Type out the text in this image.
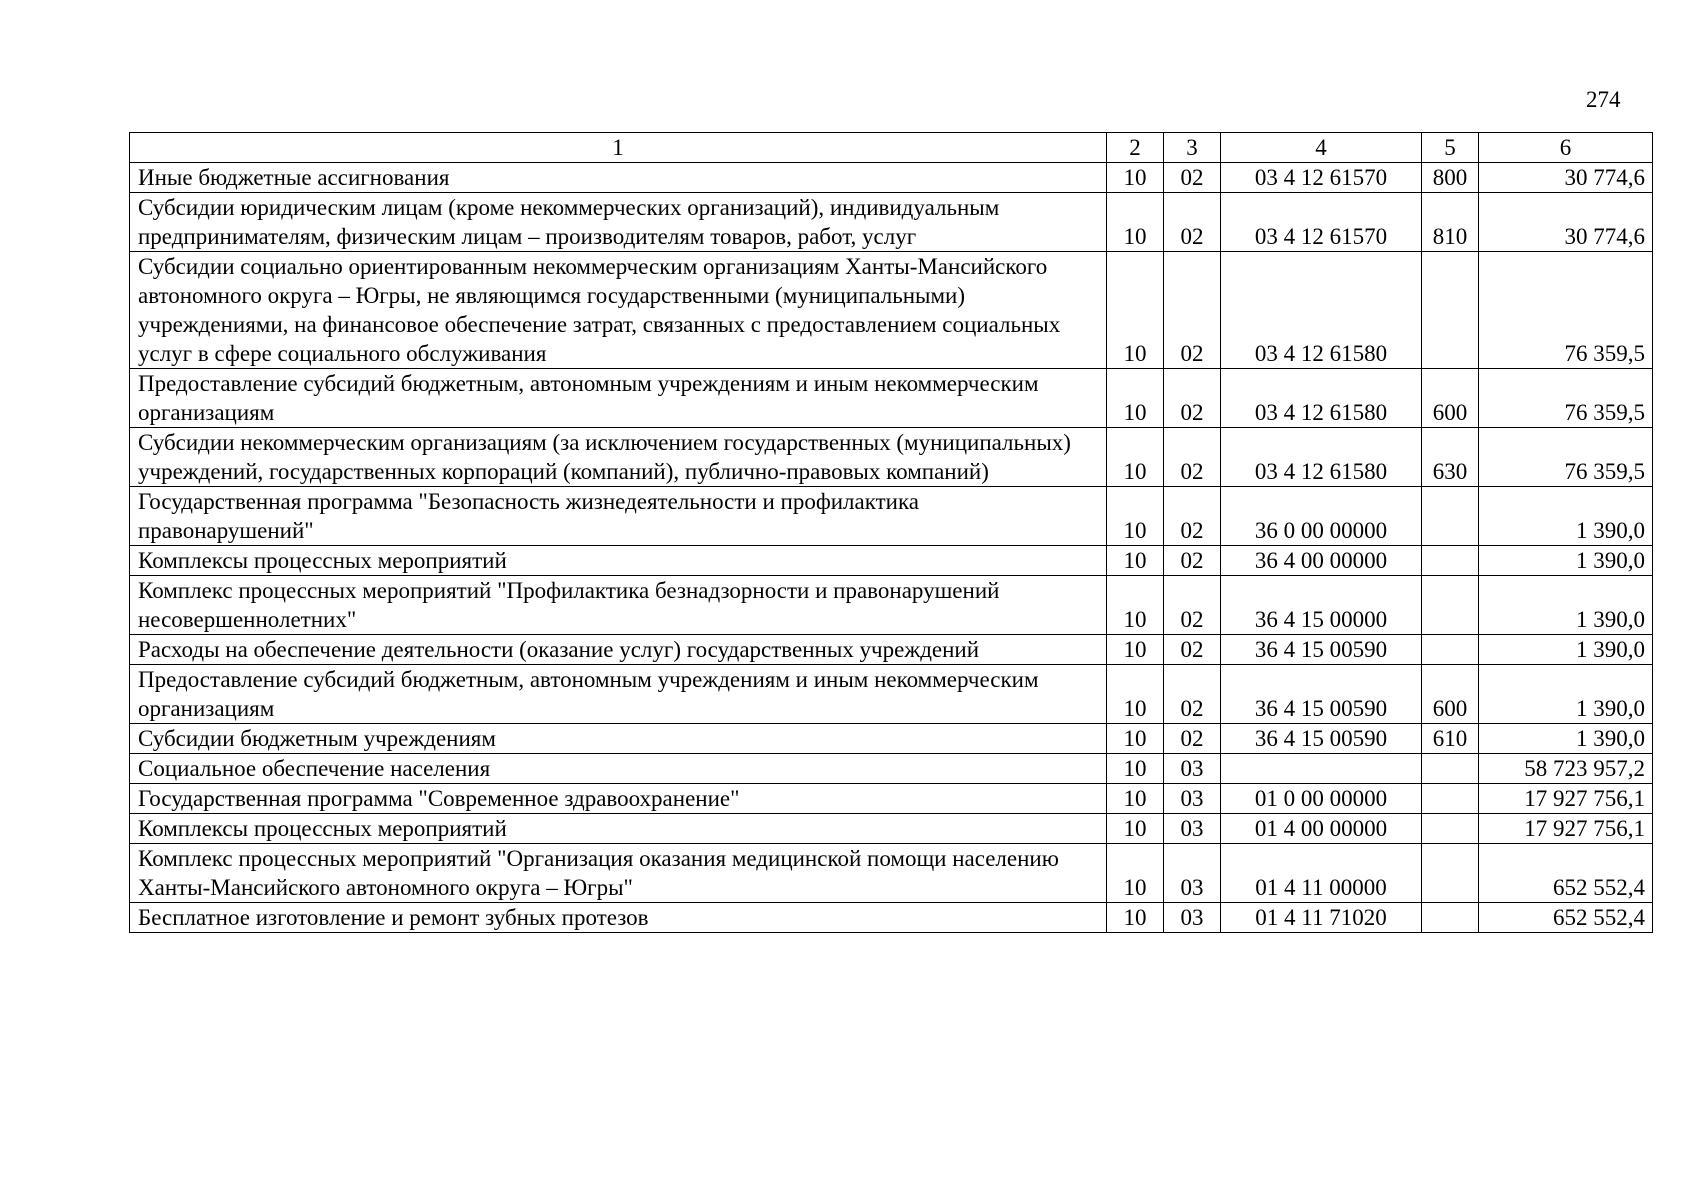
274
1	2	3	4	5	6
Иные бюджетные ассигнования	10	02	03 4 12 61570	800	30 774,6
Субсидии юридическим лицам (кроме некоммерческих организаций), индивидуальным предпринимателям, физическим лицам – производителям товаров, работ, услуг	10	02	03 4 12 61570	810	30 774,6
Субсидии социально ориентированным некоммерческим организациям Ханты-Мансийского автономного округа – Югры, не являющимся государственными (муниципальными) учреждениями, на финансовое обеспечение затрат, связанных с предоставлением социальных услуг в сфере социального обслуживания	10	02	03 4 12 61580		76 359,5
Предоставление субсидий бюджетным, автономным учреждениям и иным некоммерческим организациям	10	02	03 4 12 61580	600	76 359,5
Субсидии некоммерческим организациям (за исключением государственных (муниципальных) учреждений, государственных корпораций (компаний), публично-правовых компаний)	10	02	03 4 12 61580	630	76 359,5
Государственная программа "Безопасность жизнедеятельности и профилактика правонарушений"	10	02	36 0 00 00000		1 390,0
Комплексы процессных мероприятий	10	02	36 4 00 00000		1 390,0
Комплекс процессных мероприятий "Профилактика безнадзорности и правонарушений несовершеннолетних"	10	02	36 4 15 00000		1 390,0
Расходы на обеспечение деятельности (оказание услуг) государственных учреждений	10	02	36 4 15 00590		1 390,0
Предоставление субсидий бюджетным, автономным учреждениям и иным некоммерческим организациям	10	02	36 4 15 00590	600	1 390,0
Субсидии бюджетным учреждениям	10	02	36 4 15 00590	610	1 390,0
Социальное обеспечение населения	10	03			58 723 957,2
Государственная программа "Современное здравоохранение"	10	03	01 0 00 00000		17 927 756,1
Комплексы процессных мероприятий	10	03	01 4 00 00000		17 927 756,1
Комплекс процессных мероприятий "Организация оказания медицинской помощи населению Ханты-Мансийского автономного округа – Югры"	10	03	01 4 11 00000		652 552,4
Бесплатное изготовление и ремонт зубных протезов	10	03	01 4 11 71020		652 552,4
